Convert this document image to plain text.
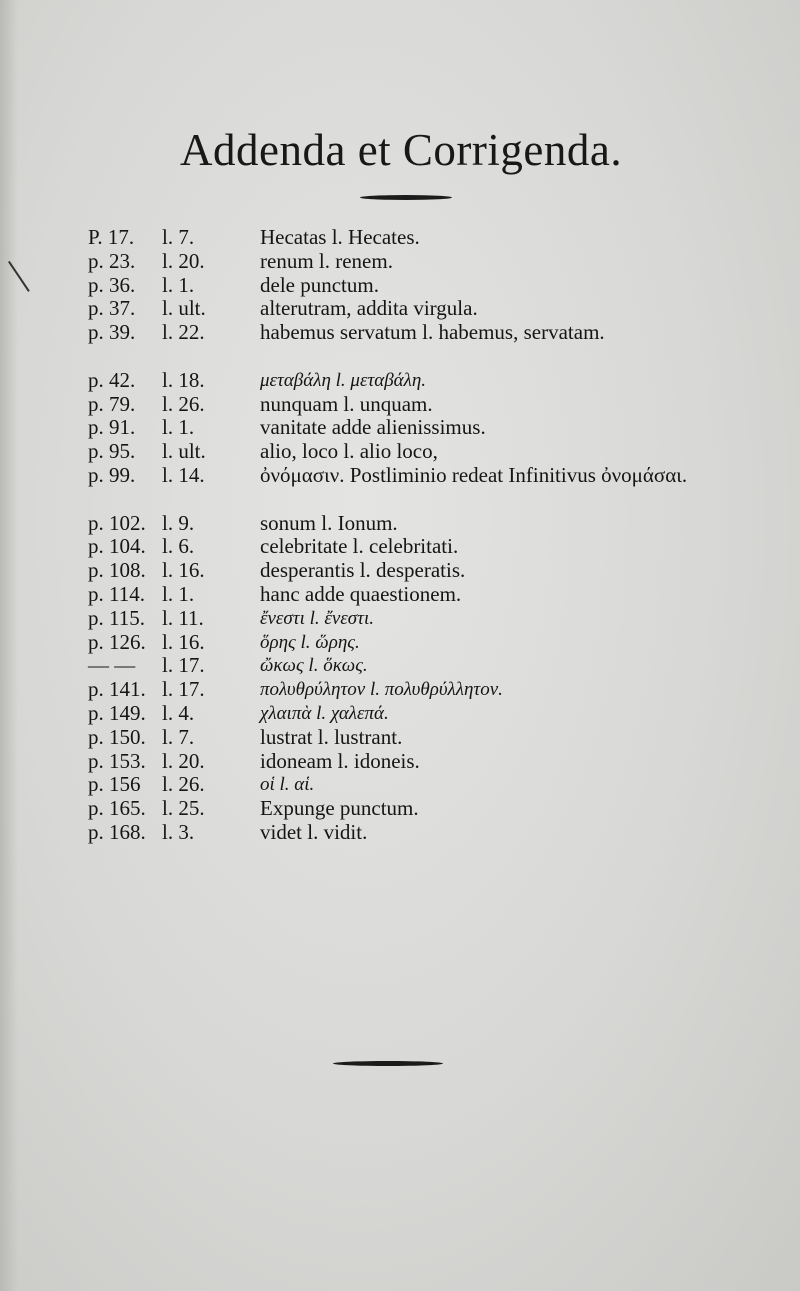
Addenda et Corrigenda.
P. 17. l. 7.	Hecatas l. Hecates.
p. 23. l. 20.	renum l. renem.
p. 36. l. 1.	dele punctum.
p. 37. l. ult.	alterutram, addita virgula.
p. 39. l. 22.	habemus servatum l. habemus, servatam.
p. 42. l. 18.	μεταβάλη l. μεταβάλη.
p. 79. l. 26.	nunquam l. unquam.
p. 91. l. 1.	vanitate adde alienissimus.
p. 95. l. ult.	alio, loco l. alio loco,
p. 99. l. 14.	ὀνόμασιν. Postliminio redeat Infinitivus ὀνομάσαι.
p. 102. l. 9.	sonum l. Ionum.
p. 104. l. 6.	celebritate l. celebritati.
p. 108. l. 16.	desperantis l. desperatis.
p. 114. l. 1.	hanc adde quaestionem.
p. 115. l. 11.	ἔνεστι l. ἔνεστι.
p. 126. l. 16.	ὅρης l. ὥρης.
— — l. 17.	ὤκως l. ὅκως.
p. 141. l. 17.	πολυθρύλητον l. πολυθρύλλητον.
p. 149. l. 4.	χλαιπὰ l. χαλεπά.
p. 150. l. 7.	lustrat l. lustrant.
p. 153. l. 20.	idoneam l. idoneis.
p. 156 l. 26.	οἱ l. αἱ.
p. 165. l. 25.	Expunge punctum.
p. 168. l. 3.	videt l. vidit.
